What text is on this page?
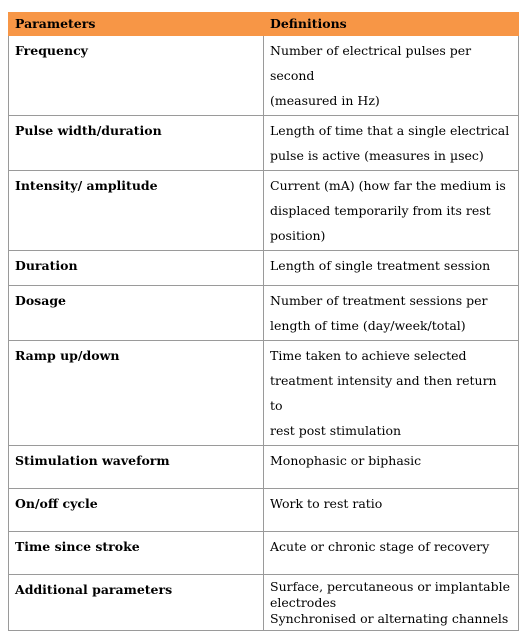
Parameters	Definitions
Frequency	Number of electrical pulses per second
(measured in Hz)

Pulse width/duration	Length of time that a single electrical
pulse is active (measures in µsec)

Intensity/ amplitude	Current (mA) (how far the medium is
displaced temporarily from its rest
position)

Duration	Length of single treatment session

Dosage	Number of treatment sessions per
length of time (day/week/total)

Ramp up/down	Time taken to achieve selected
treatment intensity and then return to
rest post stimulation

Stimulation waveform	Monophasic or biphasic

On/off cycle	Work to rest ratio

Time since stroke	Acute or chronic stage of recovery

Additional parameters	Surface, percutaneous or implantable
electrodes
Synchronised or alternating channels
